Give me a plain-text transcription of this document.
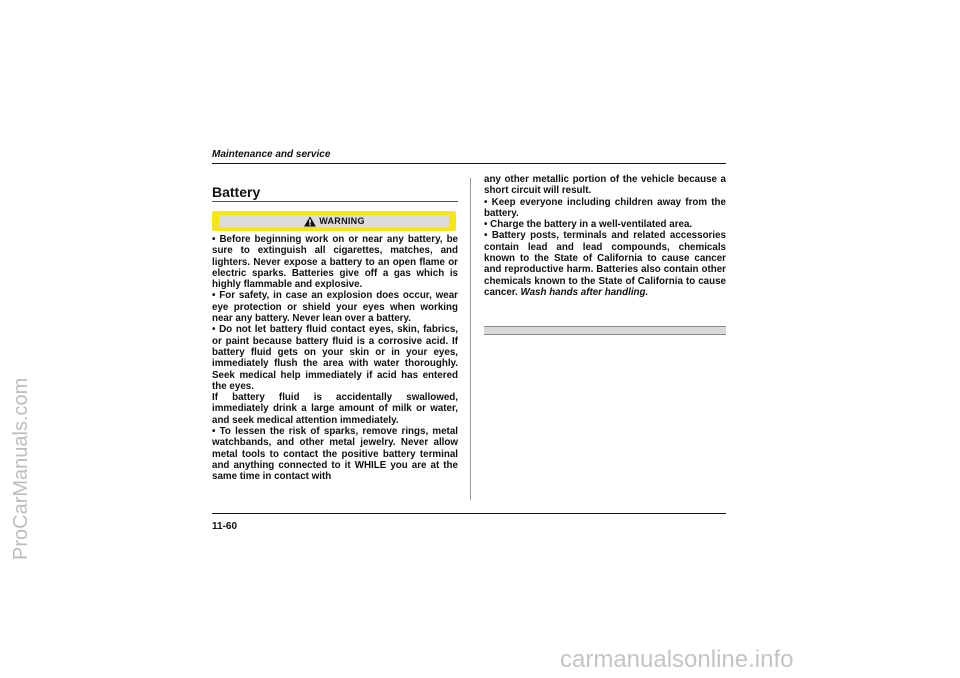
ProCarManuals.com
Maintenance and service
Battery
WARNING

• Before beginning work on or near any battery, be sure to extinguish all cigarettes, matches, and lighters. Never expose a battery to an open flame or electric sparks. Batteries give off a gas which is highly flammable and explosive.

• For safety, in case an explosion does occur, wear eye protection or shield your eyes when working near any battery. Never lean over a battery.

• Do not let battery fluid contact eyes, skin, fabrics, or paint because battery fluid is a corrosive acid. If battery fluid gets on your skin or in your eyes, immediately flush the area with water thoroughly. Seek medical help immediately if acid has entered the eyes.

If battery fluid is accidentally swallowed, immediately drink a large amount of milk or water, and seek medical attention immediately.

• To lessen the risk of sparks, remove rings, metal watchbands, and other metal jewelry. Never allow metal tools to contact the positive battery terminal and anything connected to it WHILE you are at the same time in contact with

any other metallic portion of the vehicle because a short circuit will result.

• Keep everyone including children away from the battery.

• Charge the battery in a well-ventilated area.

• Battery posts, terminals and related accessories contain lead and lead compounds, chemicals known to the State of California to cause cancer and reproductive harm. Batteries also contain other chemicals known to the State of California to cause cancer. Wash hands after handling.

11-60
carmanualsonline.info
